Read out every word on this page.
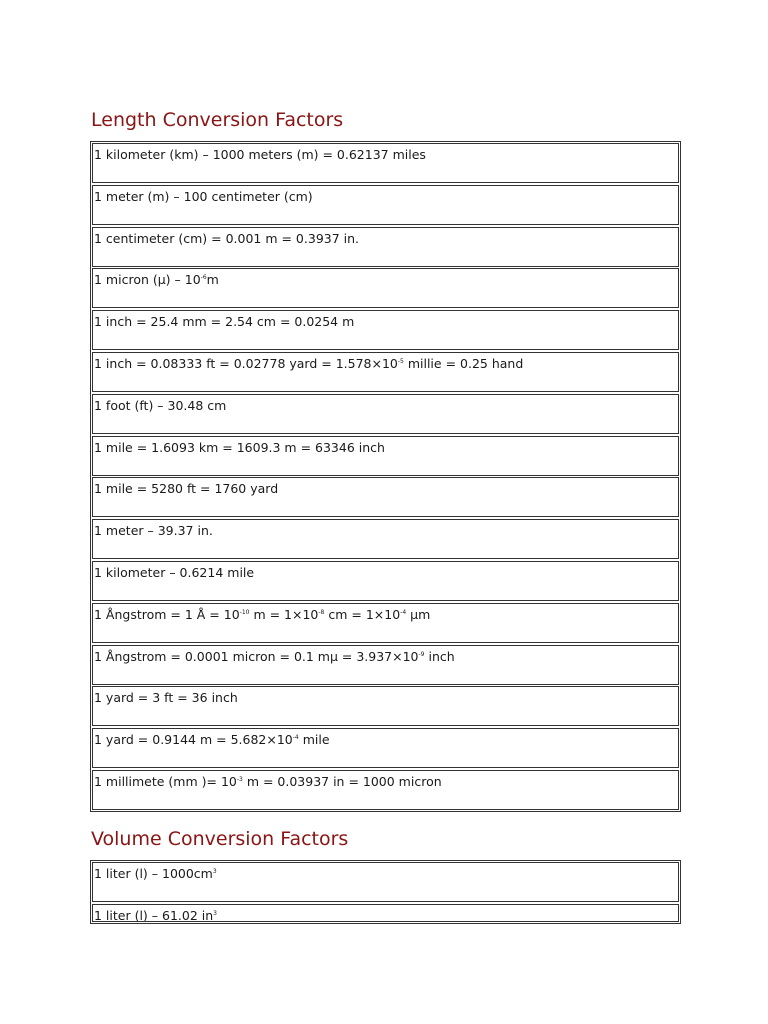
Length Conversion Factors
1 kilometer (km) – 1000 meters (m) = 0.62137 miles
1 meter (m) – 100 centimeter (cm)
1 centimeter (cm) = 0.001 m = 0.3937 in.
1 micron $(\mu) - 10^{-6}m$
1 inch = 25.4 mm = 2.54 cm = 0.0254 m
1 inch = 0.08333 ft = 0.02778 yard = $1.578\times 10^{-5}$ millie = 0.25 hand
1 foot (ft) – 30.48 cm
1 mile = 1.6093 km = 1609.3 m = 63346 inch
1 mile = 5280 ft = 1760 yard
1 meter – 39.37 in.
1 kilometer – 0.6214 mile
1 Ångstrom = 1 Å = $10^{-10}$ $m = 1\times 10^{-8}$ cm = $1\times 10^{-4}$ μm
1 Ångstrom = 0.0001 micron = 0.1 $m\mu = 3.937\times 10^{-9}$ inch
1 yard = 3 ft = 36 inch
1 yard = 0.9144 $m = 5.682\times 10^{-4}$ mile
1 millimete (mm )= $10^{-3}$ m = 0.03937 in = 1000 micron
Volume Conversion Factors
1 liter $(l) - 1000cm^3$
1 liter (l) – 61.02 $in^3$
